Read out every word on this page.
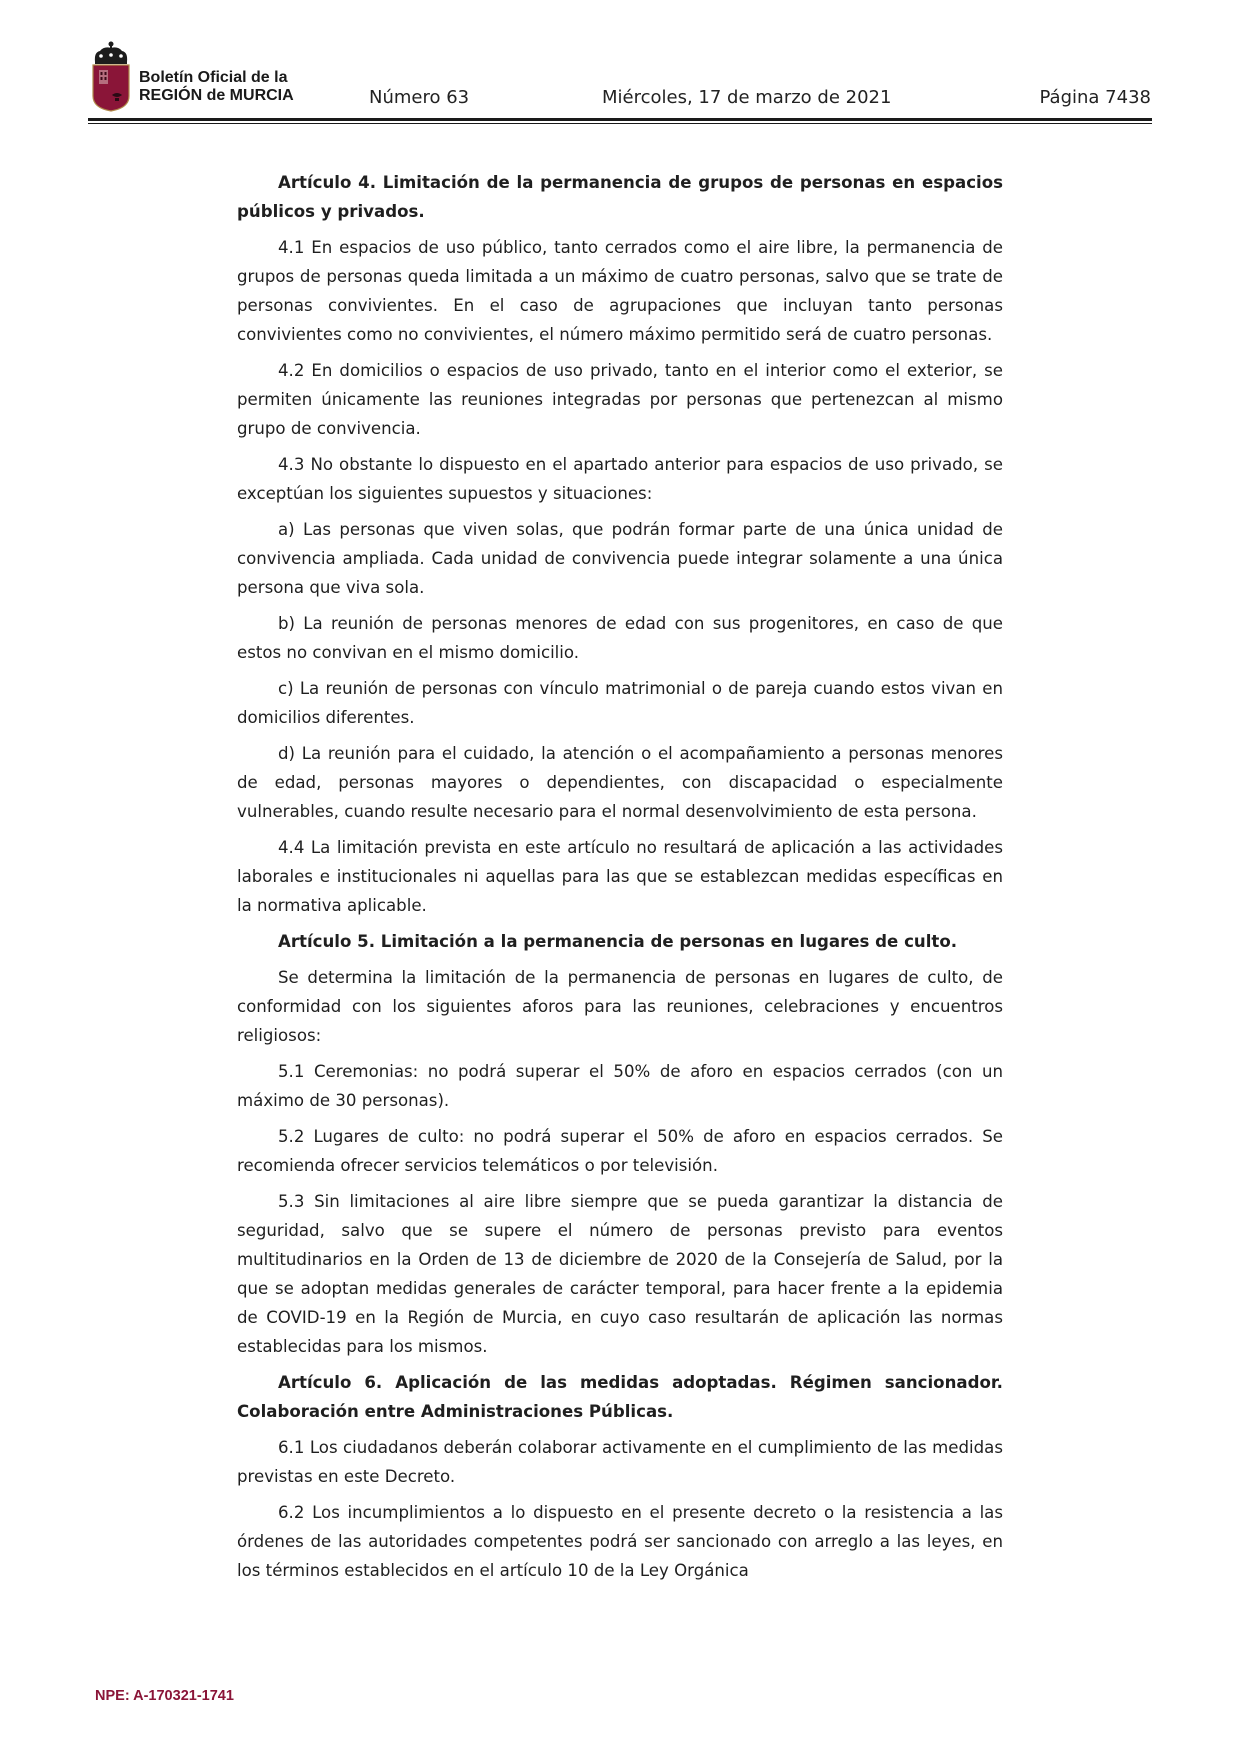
Boletín Oficial de la
REGIÓN de MURCIA	Número 63	Miércoles, 17 de marzo de 2021	Página 7438

Artículo 4. Limitación de la permanencia de grupos de personas en espacios públicos y privados.

4.1 En espacios de uso público, tanto cerrados como el aire libre, la permanencia de grupos de personas queda limitada a un máximo de cuatro personas, salvo que se trate de personas convivientes. En el caso de agrupaciones que incluyan tanto personas convivientes como no convivientes, el número máximo permitido será de cuatro personas.

4.2 En domicilios o espacios de uso privado, tanto en el interior como el exterior, se permiten únicamente las reuniones integradas por personas que pertenezcan al mismo grupo de convivencia.

4.3 No obstante lo dispuesto en el apartado anterior para espacios de uso privado, se exceptúan los siguientes supuestos y situaciones:

a) Las personas que viven solas, que podrán formar parte de una única unidad de convivencia ampliada. Cada unidad de convivencia puede integrar solamente a una única persona que viva sola.

b) La reunión de personas menores de edad con sus progenitores, en caso de que estos no convivan en el mismo domicilio.

c) La reunión de personas con vínculo matrimonial o de pareja cuando estos vivan en domicilios diferentes.

d) La reunión para el cuidado, la atención o el acompañamiento a personas menores de edad, personas mayores o dependientes, con discapacidad o especialmente vulnerables, cuando resulte necesario para el normal desenvolvimiento de esta persona.

4.4 La limitación prevista en este artículo no resultará de aplicación a las actividades laborales e institucionales ni aquellas para las que se establezcan medidas específicas en la normativa aplicable.

Artículo 5. Limitación a la permanencia de personas en lugares de culto.

Se determina la limitación de la permanencia de personas en lugares de culto, de conformidad con los siguientes aforos para las reuniones, celebraciones y encuentros religiosos:

5.1 Ceremonias: no podrá superar el 50% de aforo en espacios cerrados (con un máximo de 30 personas).

5.2 Lugares de culto: no podrá superar el 50% de aforo en espacios cerrados. Se recomienda ofrecer servicios telemáticos o por televisión.

5.3 Sin limitaciones al aire libre siempre que se pueda garantizar la distancia de seguridad, salvo que se supere el número de personas previsto para eventos multitudinarios en la Orden de 13 de diciembre de 2020 de la Consejería de Salud, por la que se adoptan medidas generales de carácter temporal, para hacer frente a la epidemia de COVID-19 en la Región de Murcia, en cuyo caso resultarán de aplicación las normas establecidas para los mismos.

Artículo 6. Aplicación de las medidas adoptadas. Régimen sancionador. Colaboración entre Administraciones Públicas.

6.1 Los ciudadanos deberán colaborar activamente en el cumplimiento de las medidas previstas en este Decreto.

6.2 Los incumplimientos a lo dispuesto en el presente decreto o la resistencia a las órdenes de las autoridades competentes podrá ser sancionado con arreglo a las leyes, en los términos establecidos en el artículo 10 de la Ley Orgánica

NPE: A-170321-1741
